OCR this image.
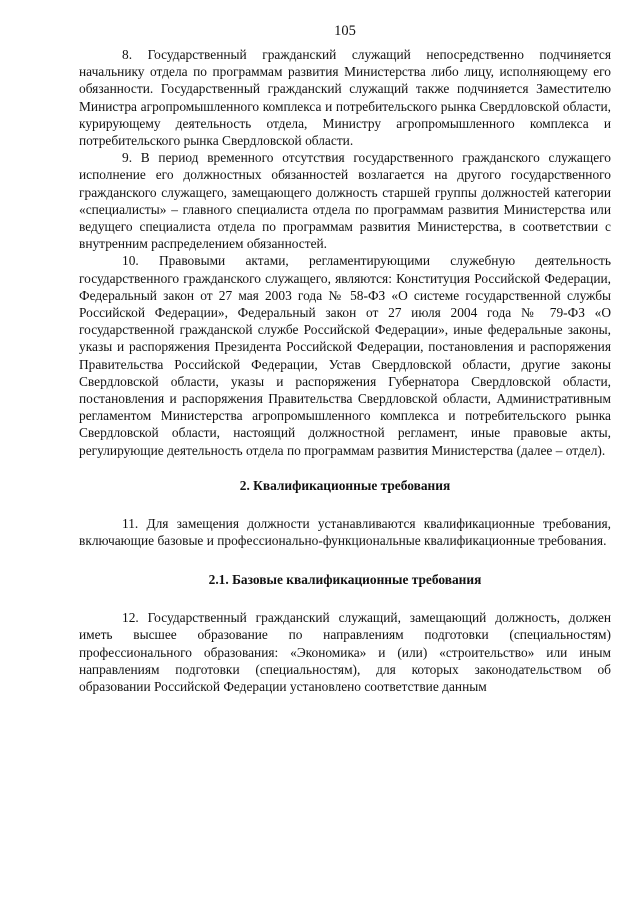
105

8. Государственный гражданский служащий непосредственно подчиняется начальнику отдела по программам развития Министерства либо лицу, исполняющему его обязанности. Государственный гражданский служащий также подчиняется Заместителю Министра агропромышленного комплекса и потребительского рынка Свердловской области, курирующему деятельность отдела, Министру агропромышленного комплекса и потребительского рынка Свердловской области.

9. В период временного отсутствия государственного гражданского служащего исполнение его должностных обязанностей возлагается на другого государственного гражданского служащего, замещающего должность старшей группы должностей категории «специалисты» – главного специалиста отдела по программам развития Министерства или ведущего специалиста отдела по программам развития Министерства, в соответствии с внутренним распределением обязанностей.

10. Правовыми актами, регламентирующими служебную деятельность государственного гражданского служащего, являются: Конституция Российской Федерации, Федеральный закон от 27 мая 2003 года № 58-ФЗ «О системе государственной службы Российской Федерации», Федеральный закон от 27 июля 2004 года № 79-ФЗ «О государственной гражданской службе Российской Федерации», иные федеральные законы, указы и распоряжения Президента Российской Федерации, постановления и распоряжения Правительства Российской Федерации, Устав Свердловской области, другие законы Свердловской области, указы и распоряжения Губернатора Свердловской области, постановления и распоряжения Правительства Свердловской области, Административным регламентом Министерства агропромышленного комплекса и потребительского рынка Свердловской области, настоящий должностной регламент, иные правовые акты, регулирующие деятельность отдела по программам развития Министерства (далее – отдел).

2. Квалификационные требования

11. Для замещения должности устанавливаются квалификационные требования, включающие базовые и профессионально-функциональные квалификационные требования.

2.1. Базовые квалификационные требования

12. Государственный гражданский служащий, замещающий должность, должен иметь высшее образование по направлениям подготовки (специальностям) профессионального образования: «Экономика» и (или) «строительство» или иным направлениям подготовки (специальностям), для которых законодательством об образовании Российской Федерации установлено соответствие данным
